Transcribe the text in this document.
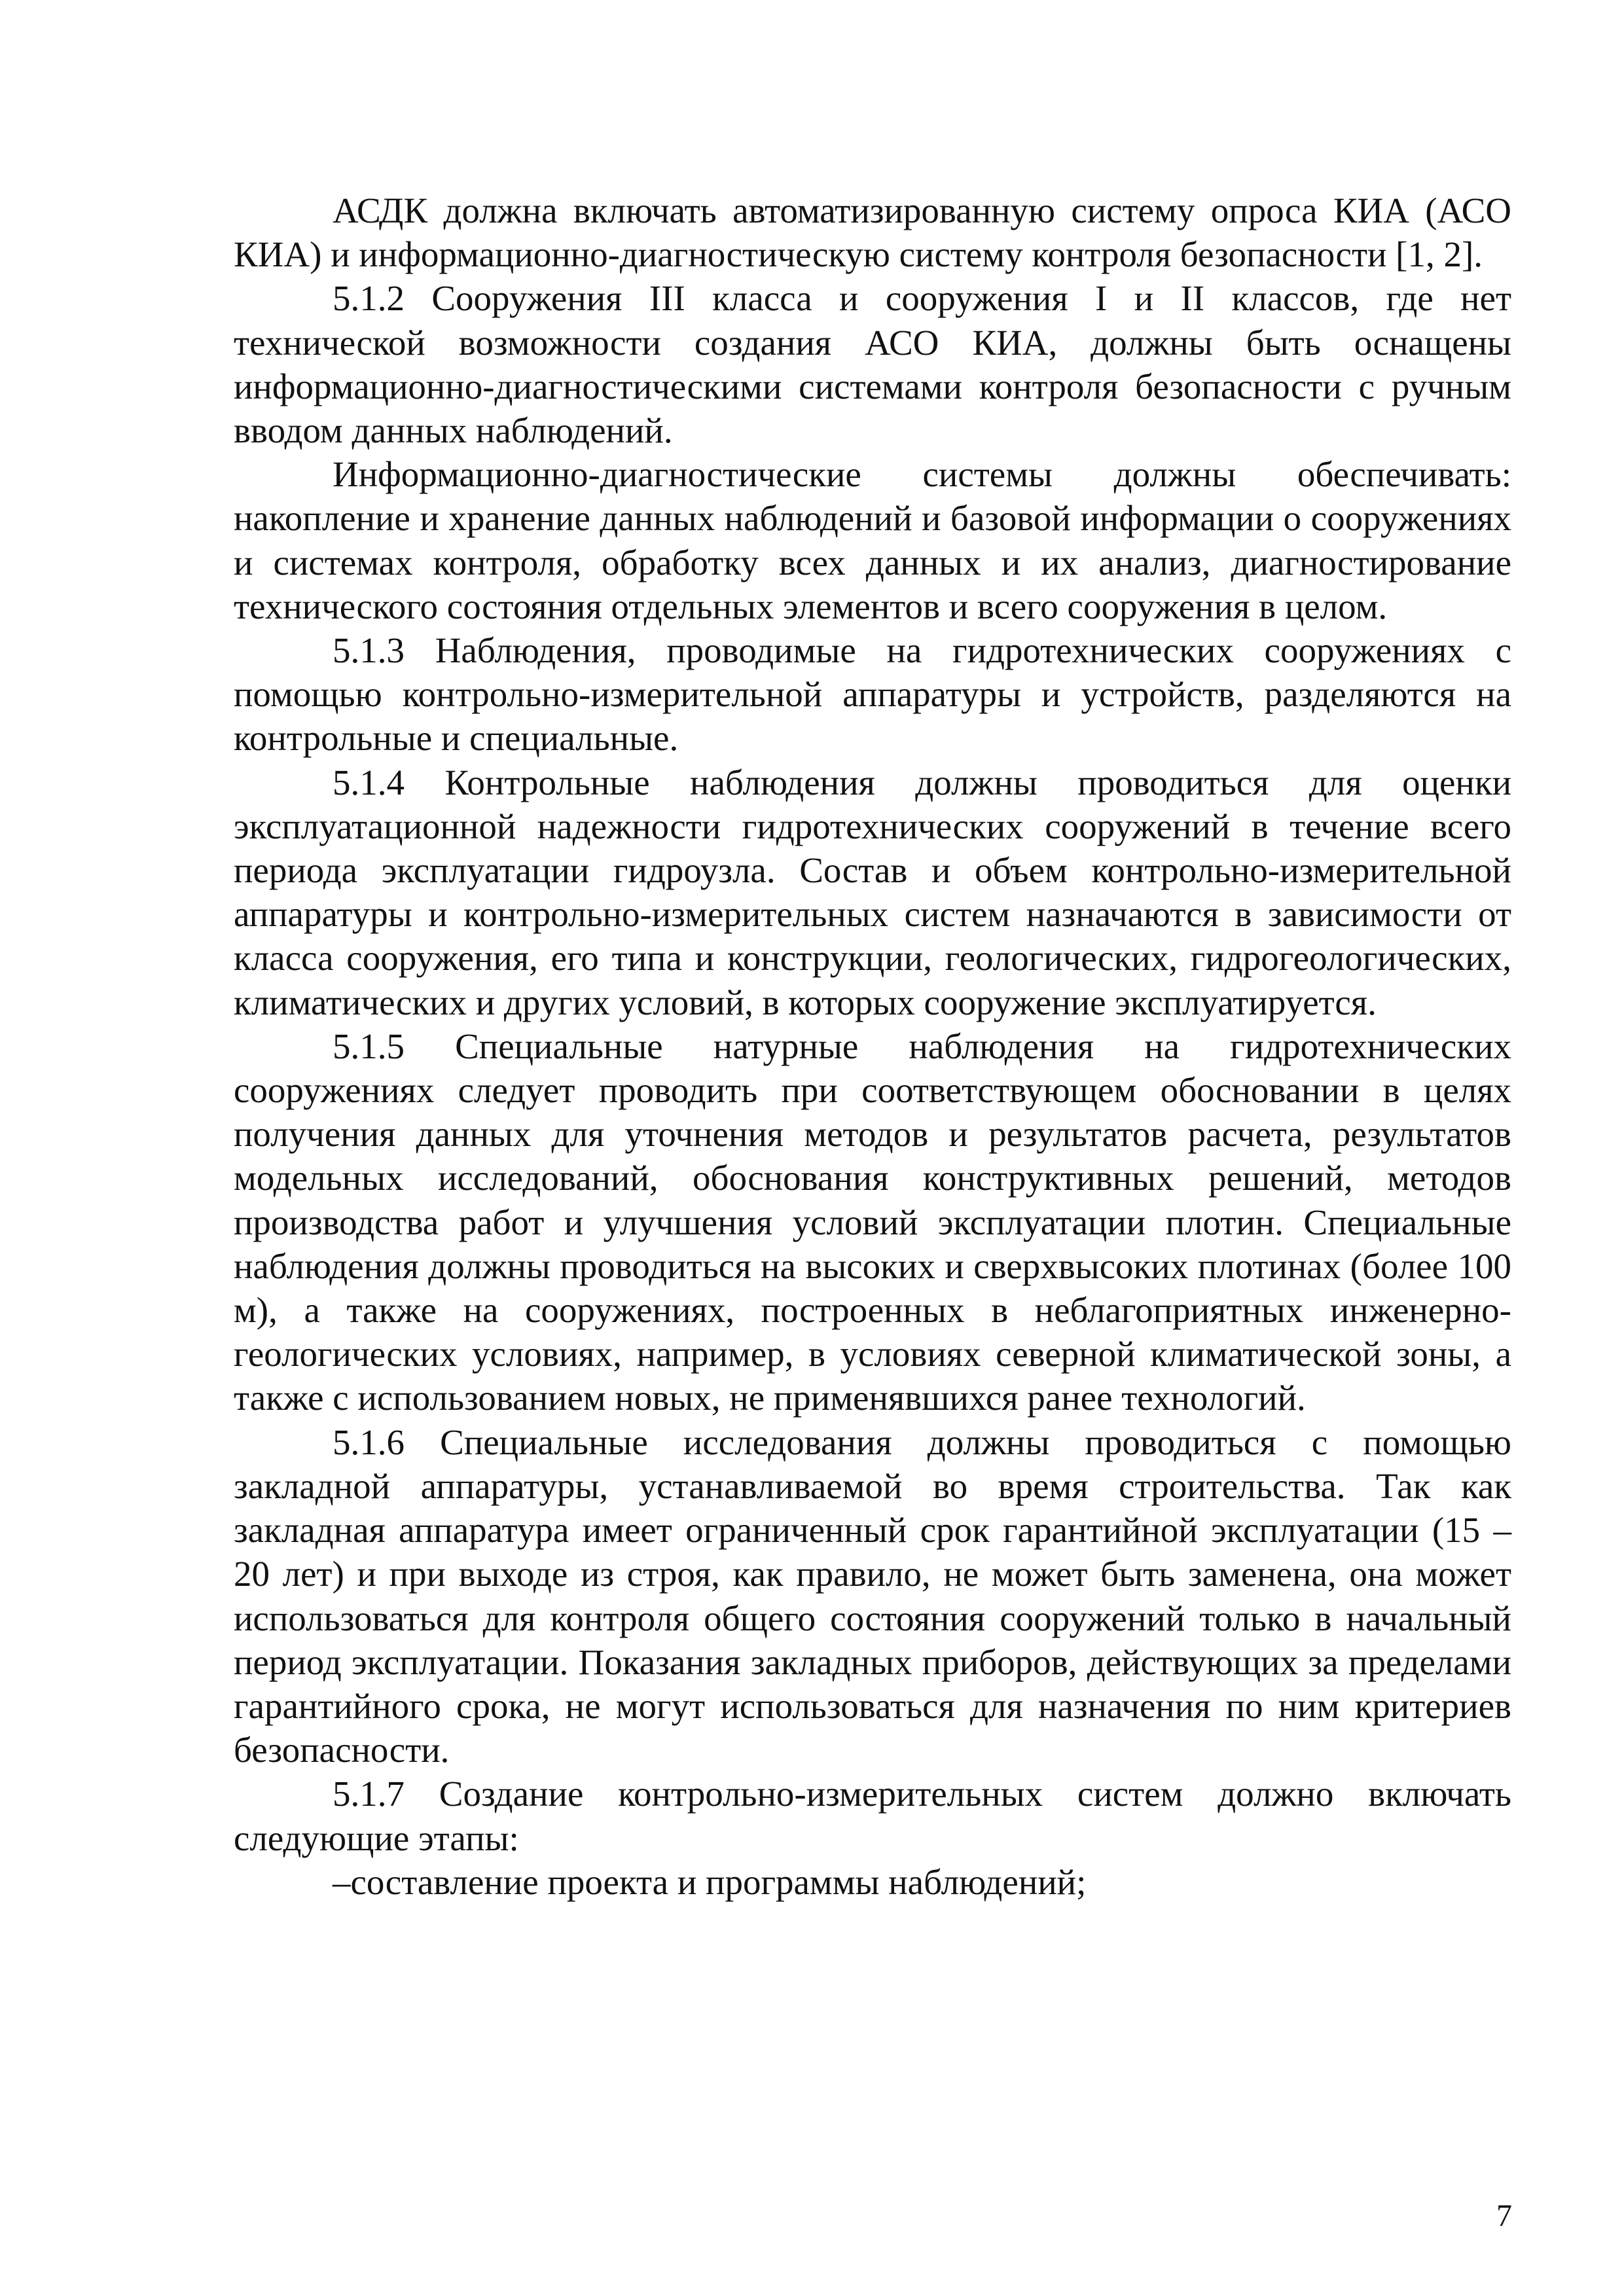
АСДК должна включать автоматизированную систему опроса КИА (АСО КИА) и информационно-диагностическую систему контроля безопасности [1, 2].

5.1.2 Сооружения III класса и сооружения I и II классов, где нет технической возможности создания АСО КИА, должны быть оснащены информационно-диагностическими системами контроля безопасности с ручным вводом данных наблюдений.

Информационно-диагностические системы должны обеспечивать: накопление и хранение данных наблюдений и базовой информации о сооружениях и системах контроля, обработку всех данных и их анализ, диагностирование технического состояния отдельных элементов и всего сооружения в целом.

5.1.3 Наблюдения, проводимые на гидротехнических сооружениях с помощью контрольно-измерительной аппаратуры и устройств, разделяются на контрольные и специальные.

5.1.4 Контрольные наблюдения должны проводиться для оценки эксплуатационной надежности гидротехнических сооружений в течение всего периода эксплуатации гидроузла. Состав и объем контрольно-измерительной аппаратуры и контрольно-измерительных систем назначаются в зависимости от класса сооружения, его типа и конструкции, геологических, гидрогеологических, климатических и других условий, в которых сооружение эксплуатируется.

5.1.5 Специальные натурные наблюдения на гидротехнических сооружениях следует проводить при соответствующем обосновании в целях получения данных для уточнения методов и результатов расчета, результатов модельных исследований, обоснования конструктивных решений, методов производства работ и улучшения условий эксплуатации плотин. Специальные наблюдения должны проводиться на высоких и сверхвысоких плотинах (более 100 м), а также на сооружениях, построенных в неблагоприятных инженерно-геологических условиях, например, в условиях северной климатической зоны, а также с использованием новых, не применявшихся ранее технологий.

5.1.6 Специальные исследования должны проводиться с помощью закладной аппаратуры, устанавливаемой во время строительства. Так как закладная аппаратура имеет ограниченный срок гарантийной эксплуатации (15 – 20 лет) и при выходе из строя, как правило, не может быть заменена, она может использоваться для контроля общего состояния сооружений только в начальный период эксплуатации. Показания закладных приборов, действующих за пределами гарантийного срока, не могут использоваться для назначения по ним критериев безопасности.

5.1.7 Создание контрольно-измерительных систем должно включать следующие этапы:

–составление проекта и программы наблюдений;

7
